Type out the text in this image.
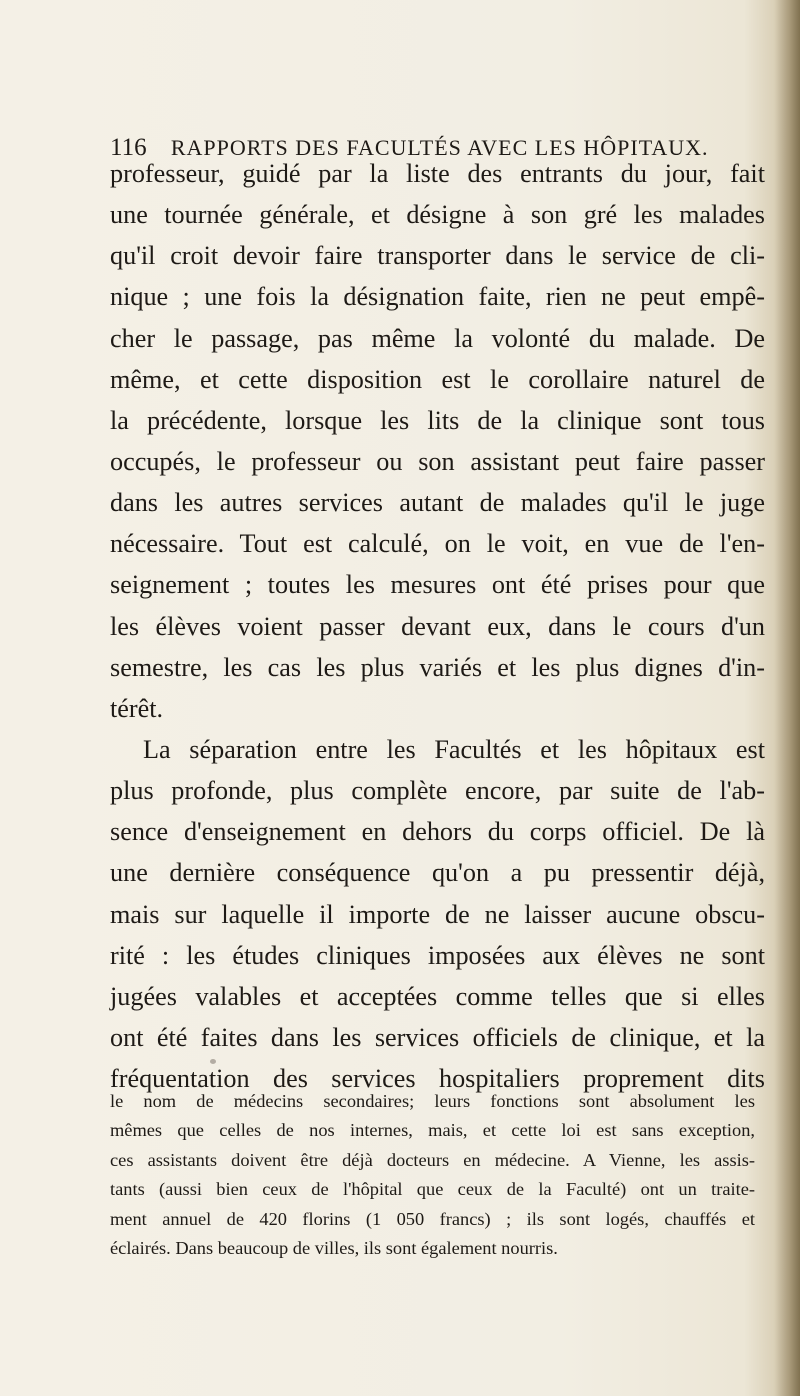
116 RAPPORTS DES FACULTÉS AVEC LES HÔPITAUX.
professeur, guidé par la liste des entrants du jour, fait
une tournée générale, et désigne à son gré les malades
qu'il croit devoir faire transporter dans le service de cli-
nique ; une fois la désignation faite, rien ne peut empê-
cher le passage, pas même la volonté du malade. De
même, et cette disposition est le corollaire naturel de
la précédente, lorsque les lits de la clinique sont tous
occupés, le professeur ou son assistant peut faire passer
dans les autres services autant de malades qu'il le juge
nécessaire. Tout est calculé, on le voit, en vue de l'en-
seignement ; toutes les mesures ont été prises pour que
les élèves voient passer devant eux, dans le cours d'un
semestre, les cas les plus variés et les plus dignes d'in-
térêt.
La séparation entre les Facultés et les hôpitaux est
plus profonde, plus complète encore, par suite de l'ab-
sence d'enseignement en dehors du corps officiel. De là
une dernière conséquence qu'on a pu pressentir déjà,
mais sur laquelle il importe de ne laisser aucune obscu-
rité : les études cliniques imposées aux élèves ne sont
jugées valables et acceptées comme telles que si elles
ont été faites dans les services officiels de clinique, et la
fréquentation des services hospitaliers proprement dits
le nom de médecins secondaires; leurs fonctions sont absolument les
mêmes que celles de nos internes, mais, et cette loi est sans exception,
ces assistants doivent être déjà docteurs en médecine. A Vienne, les assis-
tants (aussi bien ceux de l'hôpital que ceux de la Faculté) ont un traite-
ment annuel de 420 florins (1 050 francs) ; ils sont logés, chauffés et
éclairés. Dans beaucoup de villes, ils sont également nourris.
